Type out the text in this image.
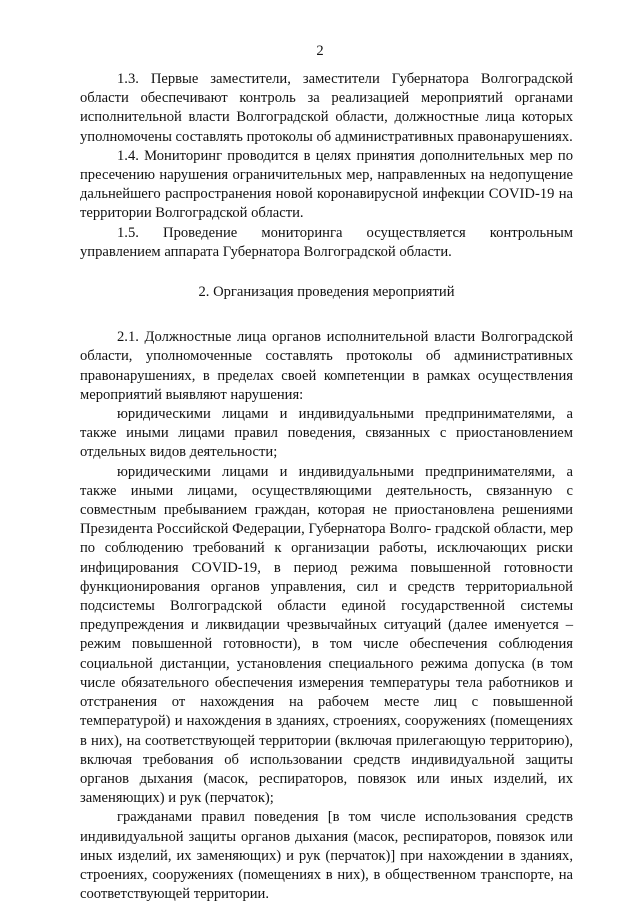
2

1.3. Первые заместители, заместители Губернатора Волгоградской области обеспечивают контроль за реализацией мероприятий органами исполнительной власти Волгоградской области, должностные лица которых уполномочены составлять протоколы об административных правонарушениях.

1.4. Мониторинг проводится в целях принятия дополнительных мер по пресечению нарушения ограничительных мер, направленных на недопущение дальнейшего распространения новой коронавирусной инфекции COVID-19 на территории Волгоградской области.

1.5. Проведение мониторинга осуществляется контрольным управлением аппарата Губернатора Волгоградской области.

2. Организация проведения мероприятий

2.1. Должностные лица органов исполнительной власти Волгоградской области, уполномоченные составлять протоколы об административных правонарушениях, в пределах своей компетенции в рамках осуществления мероприятий выявляют нарушения:

юридическими лицами и индивидуальными предпринимателями, а также иными лицами правил поведения, связанных с приостановлением отдельных видов деятельности;

юридическими лицами и индивидуальными предпринимателями, а также иными лицами, осуществляющими деятельность, связанную с совместным пребыванием граждан, которая не приостановлена решениями Президента Российской Федерации, Губернатора Волго- градской области, мер по соблюдению требований к организации работы, исключающих риски инфицирования COVID-19, в период режима повышенной готовности функционирования органов управления, сил и средств территориальной подсистемы Волгоградской области единой государственной системы предупреждения и ликвидации чрезвычайных ситуаций (далее именуется – режим повышенной готовности), в том числе обеспечения соблюдения социальной дистанции, установления специального режима допуска (в том числе обязательного обеспечения измерения температуры тела работников и отстранения от нахождения на рабочем месте лиц с повышенной температурой) и нахождения в зданиях, строениях, сооружениях (помещениях в них), на соответствующей территории (включая прилегающую территорию), включая требования об использовании средств индивидуальной защиты органов дыхания (масок, респираторов, повязок или иных изделий, их заменяющих) и рук (перчаток);

гражданами правил поведения [в том числе использования средств индивидуальной защиты органов дыхания (масок, респираторов, повязок или иных изделий, их заменяющих) и рук (перчаток)] при нахождении в зданиях, строениях, сооружениях (помещениях в них), в общественном транспорте, на соответствующей территории.
